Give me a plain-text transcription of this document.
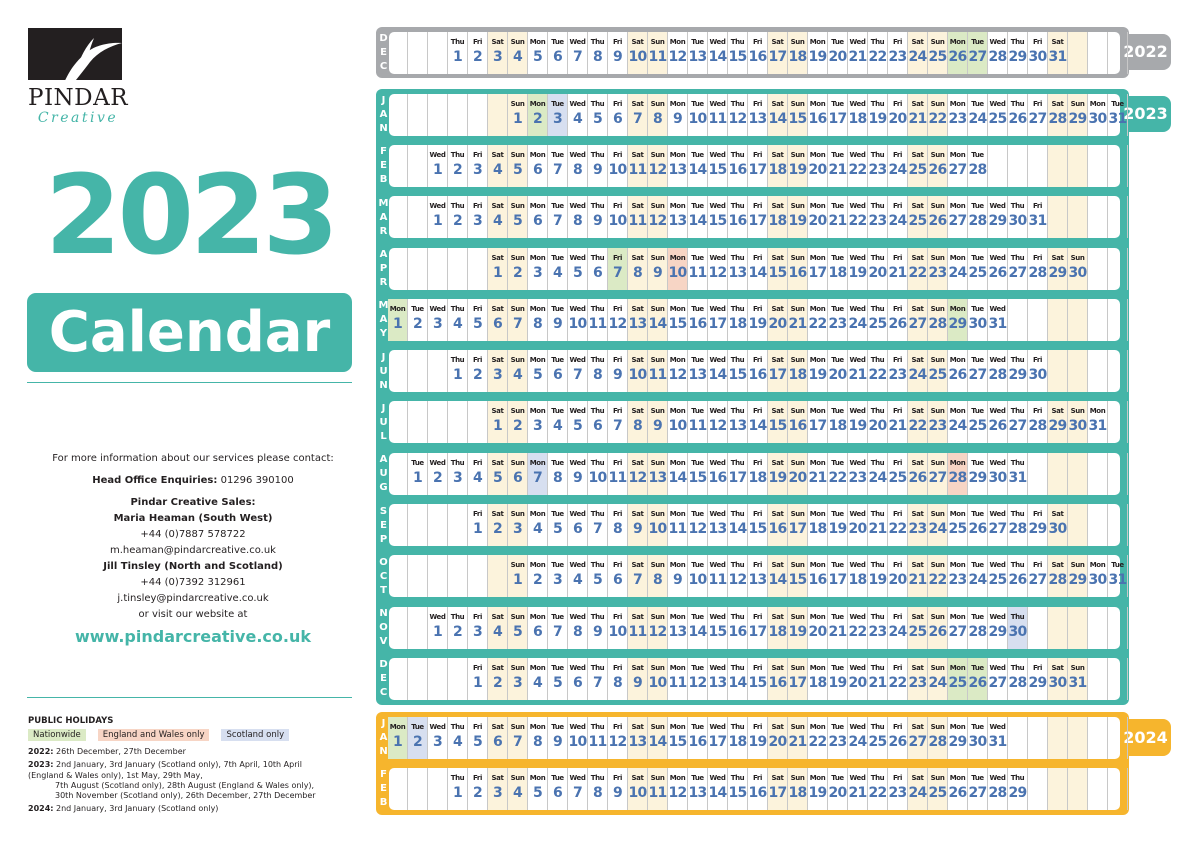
PINDAR
Creative
2023
Calendar
For more information about our services please contact:
Head Office Enquiries: 01296 390100
Pindar Creative Sales:
Maria Heaman (South West)
+44 (0)7887 578722
m.heaman@pindarcreative.co.uk
Jill Tinsley (North and Scotland)
+44 (0)7392 312961
j.tinsley@pindarcreative.co.uk
or visit our website at
www.pindarcreative.co.uk
PUBLIC HOLIDAYS
Nationwide	England and Wales only	Scotland only
2022:
26th December, 27th December
2023:
2nd January, 3rd January (Scotland only), 7th April, 10th April
(England & Wales only), 1st May, 29th May,
7th August (Scotland only), 28th August (England & Wales only),
30th November (Scotland only), 26th December, 27th December
2024:
2nd January, 3rd January (Scotland only)
2022
D
E
C
Thu
1
Fri
2
Sat
3
Sun
4
Mon
5
Tue
6
Wed
7
Thu
8
Fri
9
Sat
10
Sun
11
Mon
12
Tue
13
Wed
14
Thu
15
Fri
16
Sat
17
Sun
18
Mon
19
Tue
20
Wed
21
Thu
22
Fri
23
Sat
24
Sun
25
Mon
26
Tue
27
Wed
28
Thu
29
Fri
30
Sat
31
2023
J
A
N
Sun
1
Mon
2
Tue
3
Wed
4
Thu
5
Fri
6
Sat
7
Sun
8
Mon
9
Tue
10
Wed
11
Thu
12
Fri
13
Sat
14
Sun
15
Mon
16
Tue
17
Wed
18
Thu
19
Fri
20
Sat
21
Sun
22
Mon
23
Tue
24
Wed
25
Thu
26
Fri
27
Sat
28
Sun
29
Mon
30
Tue
31
F
E
B
Wed
1
Thu
2
Fri
3
Sat
4
Sun
5
Mon
6
Tue
7
Wed
8
Thu
9
Fri
10
Sat
11
Sun
12
Mon
13
Tue
14
Wed
15
Thu
16
Fri
17
Sat
18
Sun
19
Mon
20
Tue
21
Wed
22
Thu
23
Fri
24
Sat
25
Sun
26
Mon
27
Tue
28
M
A
R
Wed
1
Thu
2
Fri
3
Sat
4
Sun
5
Mon
6
Tue
7
Wed
8
Thu
9
Fri
10
Sat
11
Sun
12
Mon
13
Tue
14
Wed
15
Thu
16
Fri
17
Sat
18
Sun
19
Mon
20
Tue
21
Wed
22
Thu
23
Fri
24
Sat
25
Sun
26
Mon
27
Tue
28
Wed
29
Thu
30
Fri
31
A
P
R
Sat
1
Sun
2
Mon
3
Tue
4
Wed
5
Thu
6
Fri
7
Sat
8
Sun
9
Mon
10
Tue
11
Wed
12
Thu
13
Fri
14
Sat
15
Sun
16
Mon
17
Tue
18
Wed
19
Thu
20
Fri
21
Sat
22
Sun
23
Mon
24
Tue
25
Wed
26
Thu
27
Fri
28
Sat
29
Sun
30
M
A
Y
Mon
1
Tue
2
Wed
3
Thu
4
Fri
5
Sat
6
Sun
7
Mon
8
Tue
9
Wed
10
Thu
11
Fri
12
Sat
13
Sun
14
Mon
15
Tue
16
Wed
17
Thu
18
Fri
19
Sat
20
Sun
21
Mon
22
Tue
23
Wed
24
Thu
25
Fri
26
Sat
27
Sun
28
Mon
29
Tue
30
Wed
31
J
U
N
Thu
1
Fri
2
Sat
3
Sun
4
Mon
5
Tue
6
Wed
7
Thu
8
Fri
9
Sat
10
Sun
11
Mon
12
Tue
13
Wed
14
Thu
15
Fri
16
Sat
17
Sun
18
Mon
19
Tue
20
Wed
21
Thu
22
Fri
23
Sat
24
Sun
25
Mon
26
Tue
27
Wed
28
Thu
29
Fri
30
J
U
L
Sat
1
Sun
2
Mon
3
Tue
4
Wed
5
Thu
6
Fri
7
Sat
8
Sun
9
Mon
10
Tue
11
Wed
12
Thu
13
Fri
14
Sat
15
Sun
16
Mon
17
Tue
18
Wed
19
Thu
20
Fri
21
Sat
22
Sun
23
Mon
24
Tue
25
Wed
26
Thu
27
Fri
28
Sat
29
Sun
30
Mon
31
A
U
G
Tue
1
Wed
2
Thu
3
Fri
4
Sat
5
Sun
6
Mon
7
Tue
8
Wed
9
Thu
10
Fri
11
Sat
12
Sun
13
Mon
14
Tue
15
Wed
16
Thu
17
Fri
18
Sat
19
Sun
20
Mon
21
Tue
22
Wed
23
Thu
24
Fri
25
Sat
26
Sun
27
Mon
28
Tue
29
Wed
30
Thu
31
S
E
P
Fri
1
Sat
2
Sun
3
Mon
4
Tue
5
Wed
6
Thu
7
Fri
8
Sat
9
Sun
10
Mon
11
Tue
12
Wed
13
Thu
14
Fri
15
Sat
16
Sun
17
Mon
18
Tue
19
Wed
20
Thu
21
Fri
22
Sat
23
Sun
24
Mon
25
Tue
26
Wed
27
Thu
28
Fri
29
Sat
30
O
C
T
Sun
1
Mon
2
Tue
3
Wed
4
Thu
5
Fri
6
Sat
7
Sun
8
Mon
9
Tue
10
Wed
11
Thu
12
Fri
13
Sat
14
Sun
15
Mon
16
Tue
17
Wed
18
Thu
19
Fri
20
Sat
21
Sun
22
Mon
23
Tue
24
Wed
25
Thu
26
Fri
27
Sat
28
Sun
29
Mon
30
Tue
31
N
O
V
Wed
1
Thu
2
Fri
3
Sat
4
Sun
5
Mon
6
Tue
7
Wed
8
Thu
9
Fri
10
Sat
11
Sun
12
Mon
13
Tue
14
Wed
15
Thu
16
Fri
17
Sat
18
Sun
19
Mon
20
Tue
21
Wed
22
Thu
23
Fri
24
Sat
25
Sun
26
Mon
27
Tue
28
Wed
29
Thu
30
D
E
C
Fri
1
Sat
2
Sun
3
Mon
4
Tue
5
Wed
6
Thu
7
Fri
8
Sat
9
Sun
10
Mon
11
Tue
12
Wed
13
Thu
14
Fri
15
Sat
16
Sun
17
Mon
18
Tue
19
Wed
20
Thu
21
Fri
22
Sat
23
Sun
24
Mon
25
Tue
26
Wed
27
Thu
28
Fri
29
Sat
30
Sun
31
2024
J
A
N
Mon
1
Tue
2
Wed
3
Thu
4
Fri
5
Sat
6
Sun
7
Mon
8
Tue
9
Wed
10
Thu
11
Fri
12
Sat
13
Sun
14
Mon
15
Tue
16
Wed
17
Thu
18
Fri
19
Sat
20
Sun
21
Mon
22
Tue
23
Wed
24
Thu
25
Fri
26
Sat
27
Sun
28
Mon
29
Tue
30
Wed
31
F
E
B
Thu
1
Fri
2
Sat
3
Sun
4
Mon
5
Tue
6
Wed
7
Thu
8
Fri
9
Sat
10
Sun
11
Mon
12
Tue
13
Wed
14
Thu
15
Fri
16
Sat
17
Sun
18
Mon
19
Tue
20
Wed
21
Thu
22
Fri
23
Sat
24
Sun
25
Mon
26
Tue
27
Wed
28
Thu
29
